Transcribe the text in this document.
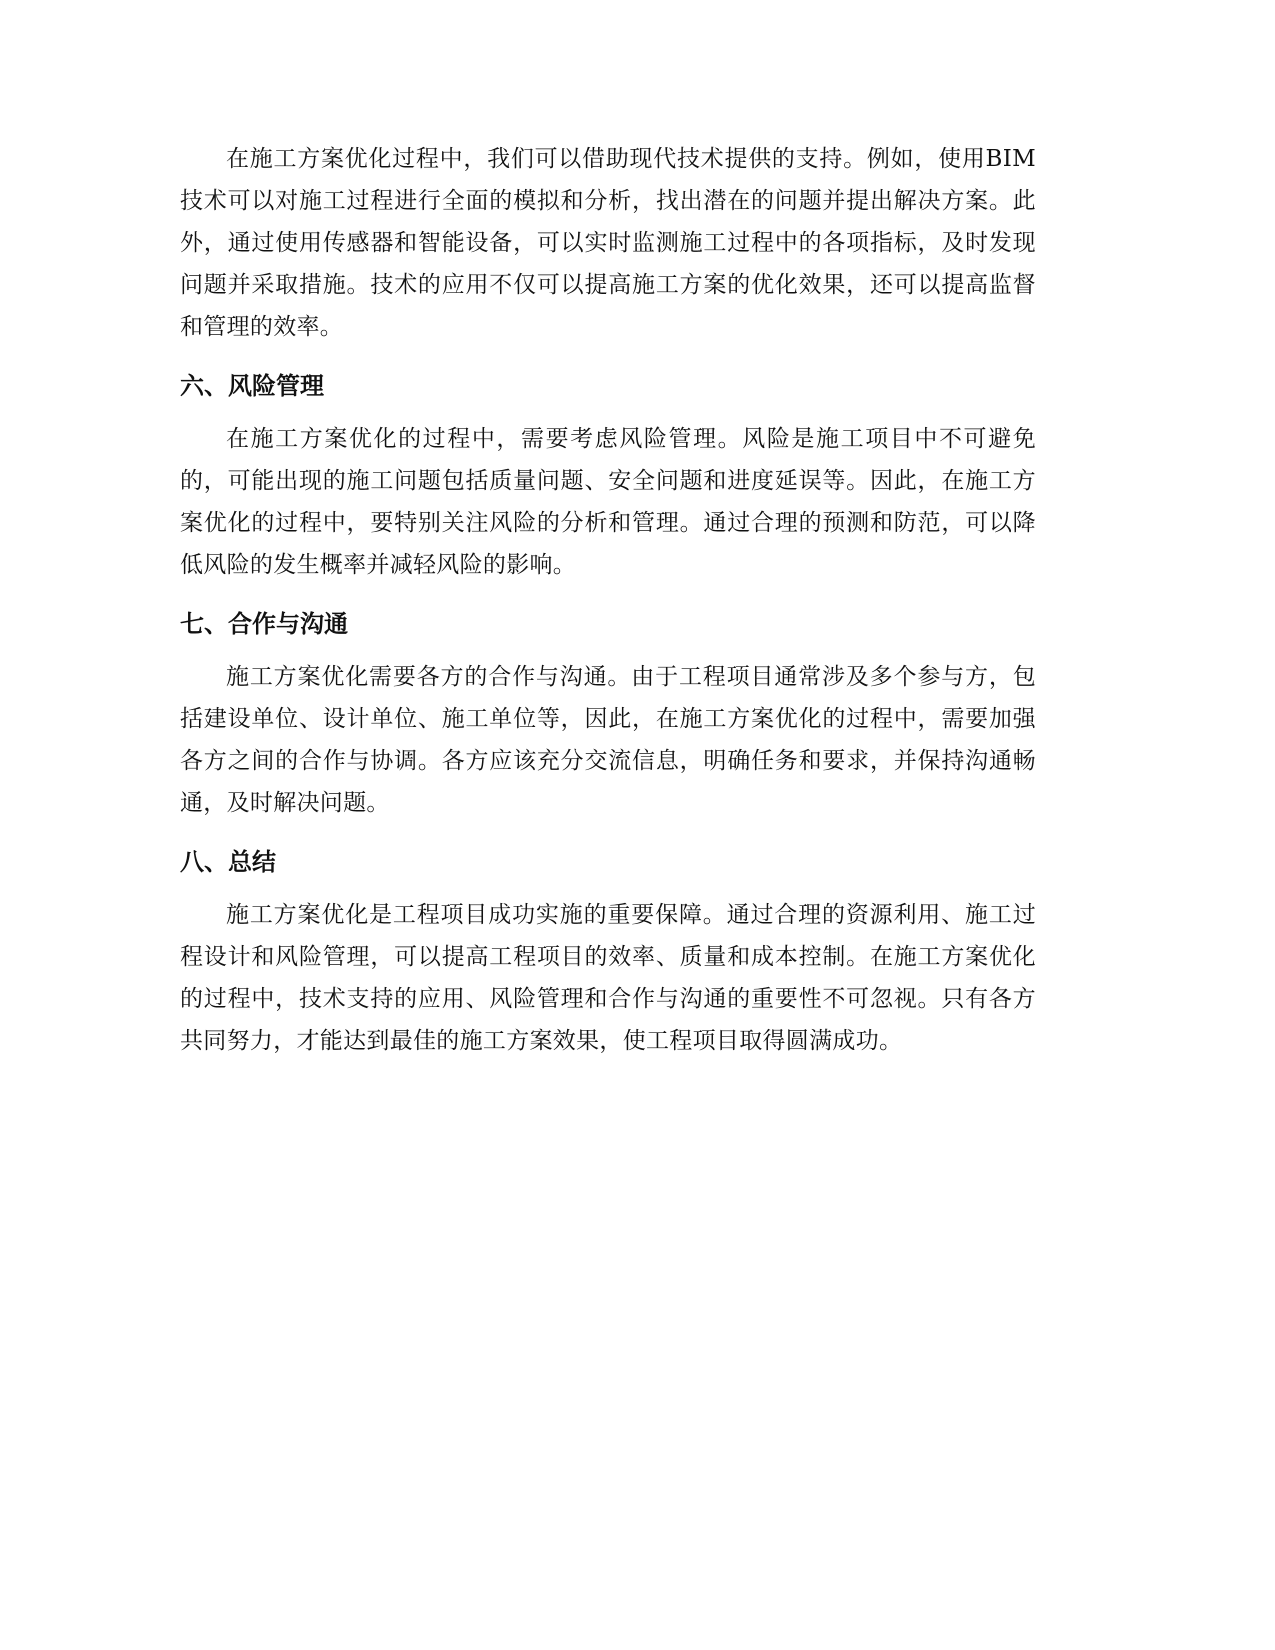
在施工方案优化过程中，我们可以借助现代技术提供的支持。例如，使用BIM技术可以对施工过程进行全面的模拟和分析，找出潜在的问题并提出解决方案。此外，通过使用传感器和智能设备，可以实时监测施工过程中的各项指标，及时发现问题并采取措施。技术的应用不仅可以提高施工方案的优化效果，还可以提高监督和管理的效率。

六、风险管理

在施工方案优化的过程中，需要考虑风险管理。风险是施工项目中不可避免的，可能出现的施工问题包括质量问题、安全问题和进度延误等。因此，在施工方案优化的过程中，要特别关注风险的分析和管理。通过合理的预测和防范，可以降低风险的发生概率并减轻风险的影响。

七、合作与沟通

施工方案优化需要各方的合作与沟通。由于工程项目通常涉及多个参与方，包括建设单位、设计单位、施工单位等，因此，在施工方案优化的过程中，需要加强各方之间的合作与协调。各方应该充分交流信息，明确任务和要求，并保持沟通畅通，及时解决问题。

八、总结

施工方案优化是工程项目成功实施的重要保障。通过合理的资源利用、施工过程设计和风险管理，可以提高工程项目的效率、质量和成本控制。在施工方案优化的过程中，技术支持的应用、风险管理和合作与沟通的重要性不可忽视。只有各方共同努力，才能达到最佳的施工方案效果，使工程项目取得圆满成功。
